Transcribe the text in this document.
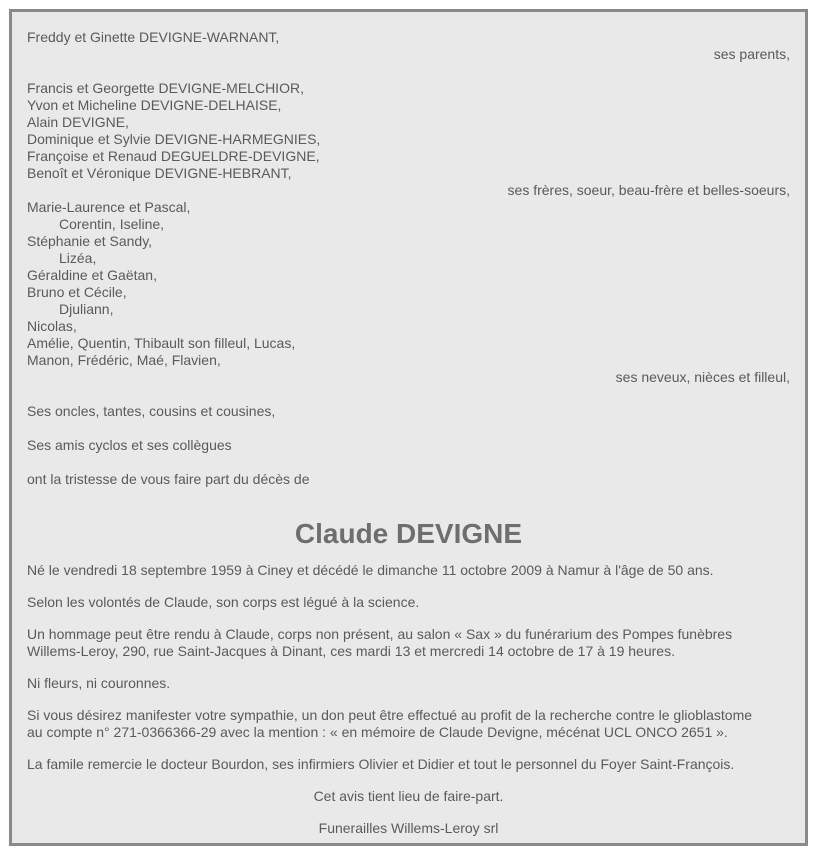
Freddy et Ginette DEVIGNE-WARNANT,
ses parents,
Francis et Georgette DEVIGNE-MELCHIOR,
Yvon et Micheline DEVIGNE-DELHAISE,
Alain DEVIGNE,
Dominique et Sylvie DEVIGNE-HARMEGNIES,
Françoise et Renaud DEGUELDRE-DEVIGNE,
Benoît et Véronique DEVIGNE-HEBRANT,
ses frères, soeur, beau-frère et belles-soeurs,
Marie-Laurence et Pascal,
Corentin, Iseline,
Stéphanie et Sandy,
Lizéa,
Géraldine et Gaëtan,
Bruno et Cécile,
Djuliann,
Nicolas,
Amélie, Quentin, Thibault son filleul, Lucas,
Manon, Frédéric, Maé, Flavien,
ses neveux, nièces et filleul,
Ses oncles, tantes, cousins et cousines,
Ses amis cyclos et ses collègues
ont la tristesse de vous faire part du décès de
Claude DEVIGNE
Né le vendredi 18 septembre 1959 à Ciney et décédé le dimanche 11 octobre 2009 à Namur à l'âge de 50 ans.
Selon les volontés de Claude, son corps est légué à la science.
Un hommage peut être rendu à Claude, corps non présent, au salon « Sax » du funérarium des Pompes funèbres
Willems-Leroy, 290, rue Saint-Jacques à Dinant, ces mardi 13 et mercredi 14 octobre de 17 à 19 heures.
Ni fleurs, ni couronnes.
Si vous désirez manifester votre sympathie, un don peut être effectué au profit de la recherche contre le glioblastome
au compte n° 271-0366366-29 avec la mention : « en mémoire de Claude Devigne, mécénat UCL ONCO 2651 ».
La famile remercie le docteur Bourdon, ses infirmiers Olivier et Didier et tout le personnel du Foyer Saint-François.
Cet avis tient lieu de faire-part.
Funerailles Willems-Leroy srl
